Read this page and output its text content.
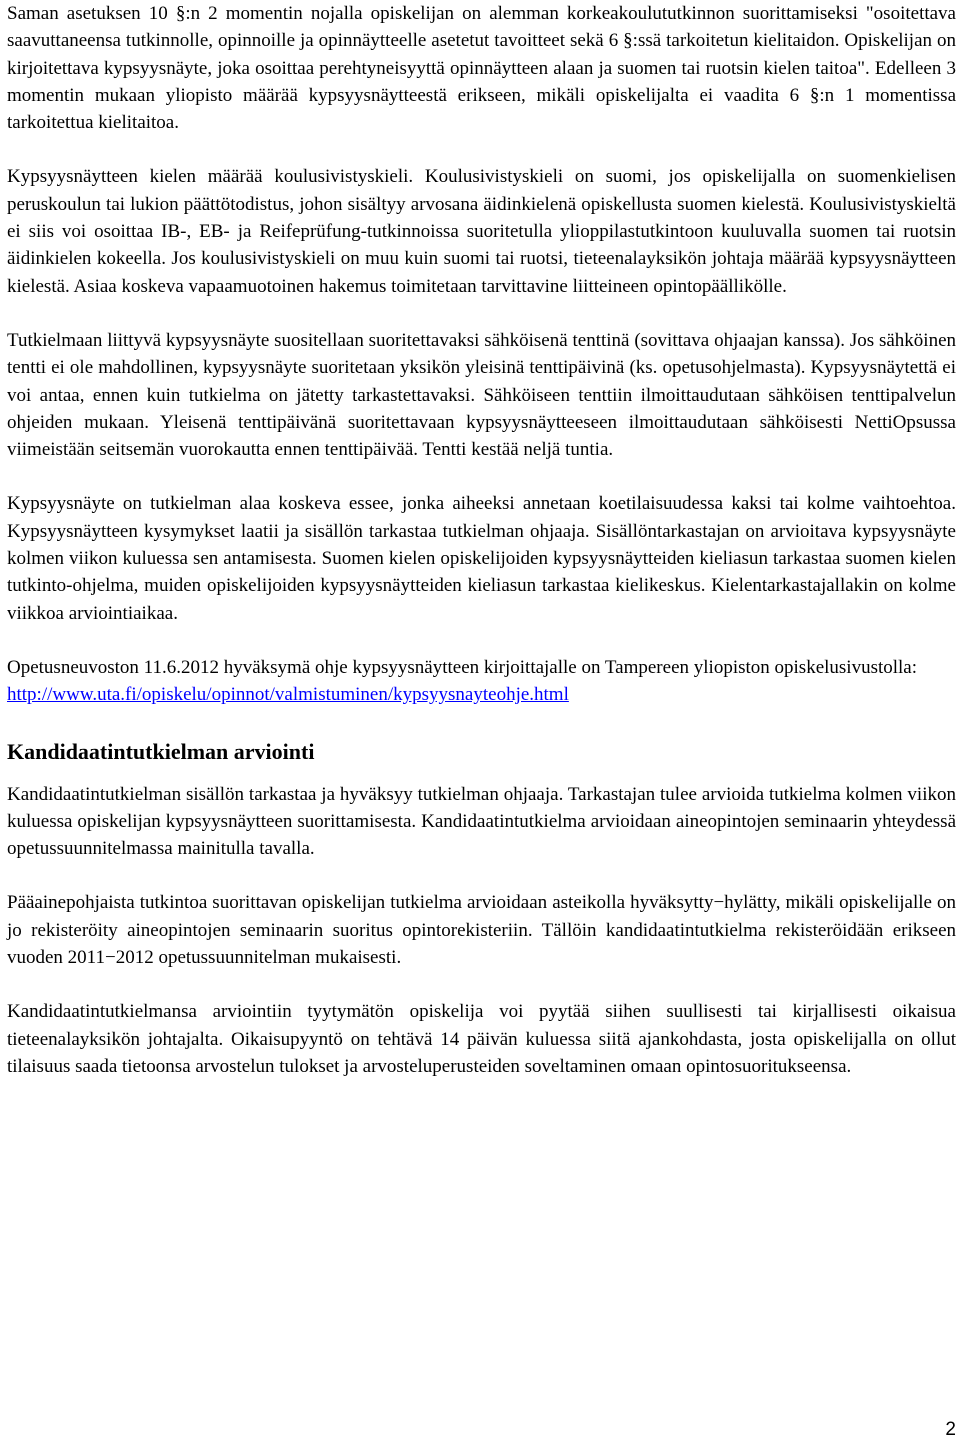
Saman asetuksen 10 §:n 2 momentin nojalla opiskelijan on alemman korkeakoulututkinnon suorittamiseksi "osoitettava saavuttaneensa tutkinnolle, opinnoille ja opinnäytteelle asetetut tavoitteet sekä 6 §:ssä tarkoitetun kielitaidon. Opiskelijan on kirjoitettava kypsyysnäyte, joka osoittaa perehtyneisyyttä opinnäytteen alaan ja suomen tai ruotsin kielen taitoa". Edelleen 3 momentin mukaan yliopisto määrää kypsyysnäytteestä erikseen, mikäli opiskelijalta ei vaadita 6 §:n 1 momentissa tarkoitettua kielitaitoa.

Kypsyysnäytteen kielen määrää koulusivistyskieli. Koulusivistyskieli on suomi, jos opiskelijalla on suomenkielisen peruskoulun tai lukion päättötodistus, johon sisältyy arvosana äidinkielenä opiskellusta suomen kielestä. Koulusivistyskieltä ei siis voi osoittaa IB-, EB- ja Reifeprüfung-tutkinnoissa suoritetulla ylioppilastutkintoon kuuluvalla suomen tai ruotsin äidinkielen kokeella. Jos koulusivistyskieli on muu kuin suomi tai ruotsi, tieteenalayksikön johtaja määrää kypsyysnäytteen kielestä. Asiaa koskeva vapaamuotoinen hakemus toimitetaan tarvittavine liitteineen opintopäällikölle.

Tutkielmaan liittyvä kypsyysnäyte suositellaan suoritettavaksi sähköisenä tenttinä (sovittava ohjaajan kanssa). Jos sähköinen tentti ei ole mahdollinen, kypsyysnäyte suoritetaan yksikön yleisinä tenttipäivinä (ks. opetusohjelmasta). Kypsyysnäytettä ei voi antaa, ennen kuin tutkielma on jätetty tarkastettavaksi. Sähköiseen tenttiin ilmoittaudutaan sähköisen tenttipalvelun ohjeiden mukaan. Yleisenä tenttipäivänä suoritettavaan kypsyysnäytteeseen ilmoittaudutaan sähköisesti NettiOpsussa viimeistään seitsemän vuorokautta ennen tenttipäivää. Tentti kestää neljä tuntia.

Kypsyysnäyte on tutkielman alaa koskeva essee, jonka aiheeksi annetaan koetilaisuudessa kaksi tai kolme vaihtoehtoa. Kypsyysnäytteen kysymykset laatii ja sisällön tarkastaa tutkielman ohjaaja. Sisällöntarkastajan on arvioitava kypsyysnäyte kolmen viikon kuluessa sen antamisesta. Suomen kielen opiskelijoiden kypsyysnäytteiden kieliasun tarkastaa suomen kielen tutkinto-ohjelma, muiden opiskelijoiden kypsyysnäytteiden kieliasun tarkastaa kielikeskus. Kielentarkastajallakin on kolme viikkoa arviointiaikaa.

Opetusneuvoston 11.6.2012 hyväksymä ohje kypsyysnäytteen kirjoittajalle on Tampereen yliopiston opiskelusivustolla:
http://www.uta.fi/opiskelu/opinnot/valmistuminen/kypsyysnayteohje.html

Kandidaatintutkielman arviointi

Kandidaatintutkielman sisällön tarkastaa ja hyväksyy tutkielman ohjaaja. Tarkastajan tulee arvioida tutkielma kolmen viikon kuluessa opiskelijan kypsyysnäytteen suorittamisesta. Kandidaatintutkielma arvioidaan aineopintojen seminaarin yhteydessä opetussuunnitelmassa mainitulla tavalla.

Pääainepohjaista tutkintoa suorittavan opiskelijan tutkielma arvioidaan asteikolla hyväksytty−hylätty, mikäli opiskelijalle on jo rekisteröity aineopintojen seminaarin suoritus opintorekisteriin. Tällöin kandidaatintutkielma rekisteröidään erikseen vuoden 2011−2012 opetussuunnitelman mukaisesti.

Kandidaatintutkielmansa arviointiin tyytymätön opiskelija voi pyytää siihen suullisesti tai kirjallisesti oikaisua tieteenalayksikön johtajalta. Oikaisupyyntö on tehtävä 14 päivän kuluessa siitä ajankohdasta, josta opiskelijalla on ollut tilaisuus saada tietoonsa arvostelun tulokset ja arvosteluperusteiden soveltaminen omaan opintosuoritukseensa.

2
